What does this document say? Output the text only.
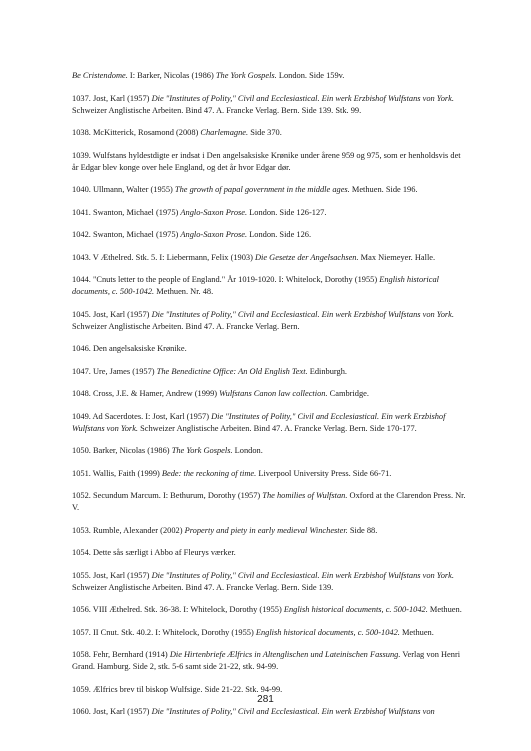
Be Cristendome. I: Barker, Nicolas (1986) The York Gospels. London. Side 159v.

1037. Jost, Karl (1957) Die "Institutes of Polity," Civil and Ecclesiastical. Ein werk Erzbishof Wulfstans von York. Schweizer Anglistische Arbeiten. Bind 47. A. Francke Verlag. Bern. Side 139. Stk. 99.

1038. McKitterick, Rosamond (2008) Charlemagne. Side 370.

1039. Wulfstans hyldestdigte er indsat i Den angelsaksiske Krønike under årene 959 og 975, som er henholdsvis det år Edgar blev konge over hele England, og det år hvor Edgar dør.

1040. Ullmann, Walter (1955) The growth of papal government in the middle ages. Methuen. Side 196.

1041. Swanton, Michael (1975) Anglo-Saxon Prose. London. Side 126-127.

1042. Swanton, Michael (1975) Anglo-Saxon Prose. London. Side 126.

1043. V Æthelred. Stk. 5. I: Liebermann, Felix (1903) Die Gesetze der Angelsachsen. Max Niemeyer. Halle.

1044. "Cnuts letter to the people of England." År 1019-1020. I: Whitelock, Dorothy (1955) English historical documents, c. 500-1042. Methuen. Nr. 48.

1045. Jost, Karl (1957) Die "Institutes of Polity," Civil and Ecclesiastical. Ein werk Erzbishof Wulfstans von York. Schweizer Anglistische Arbeiten. Bind 47. A. Francke Verlag. Bern.

1046. Den angelsaksiske Krønike.

1047. Ure, James (1957) The Benedictine Office: An Old English Text. Edinburgh.

1048. Cross, J.E. & Hamer, Andrew (1999) Wulfstans Canon law collection. Cambridge.

1049. Ad Sacerdotes. I: Jost, Karl (1957) Die "Institutes of Polity," Civil and Ecclesiastical. Ein werk Erzbishof Wulfstans von York. Schweizer Anglistische Arbeiten. Bind 47. A. Francke Verlag. Bern. Side 170-177.

1050. Barker, Nicolas (1986) The York Gospels. London.

1051. Wallis, Faith (1999) Bede: the reckoning of time. Liverpool University Press. Side 66-71.

1052. Secundum Marcum. I: Bethurum, Dorothy (1957) The homilies of Wulfstan. Oxford at the Clarendon Press. Nr. V.

1053. Rumble, Alexander (2002) Property and piety in early medieval Winchester. Side 88.

1054. Dette sås særligt i Abbo af Fleurys værker.

1055. Jost, Karl (1957) Die "Institutes of Polity," Civil and Ecclesiastical. Ein werk Erzbishof Wulfstans von York. Schweizer Anglistische Arbeiten. Bind 47. A. Francke Verlag. Bern. Side 139.

1056. VIII Æthelred. Stk. 36-38. I: Whitelock, Dorothy (1955) English historical documents, c. 500-1042. Methuen.

1057. II Cnut. Stk. 40.2. I: Whitelock, Dorothy (1955) English historical documents, c. 500-1042. Methuen.

1058. Fehr, Bernhard (1914) Die Hirtenbriefe Ælfrics in Altenglischen und Lateinischen Fassung. Verlag von Henri Grand. Hamburg. Side 2, stk. 5-6 samt side 21-22, stk. 94-99.

1059. Ælfrics brev til biskop Wulfsige. Side 21-22. Stk. 94-99.

1060. Jost, Karl (1957) Die "Institutes of Polity," Civil and Ecclesiastical. Ein werk Erzbishof Wulfstans von

281
